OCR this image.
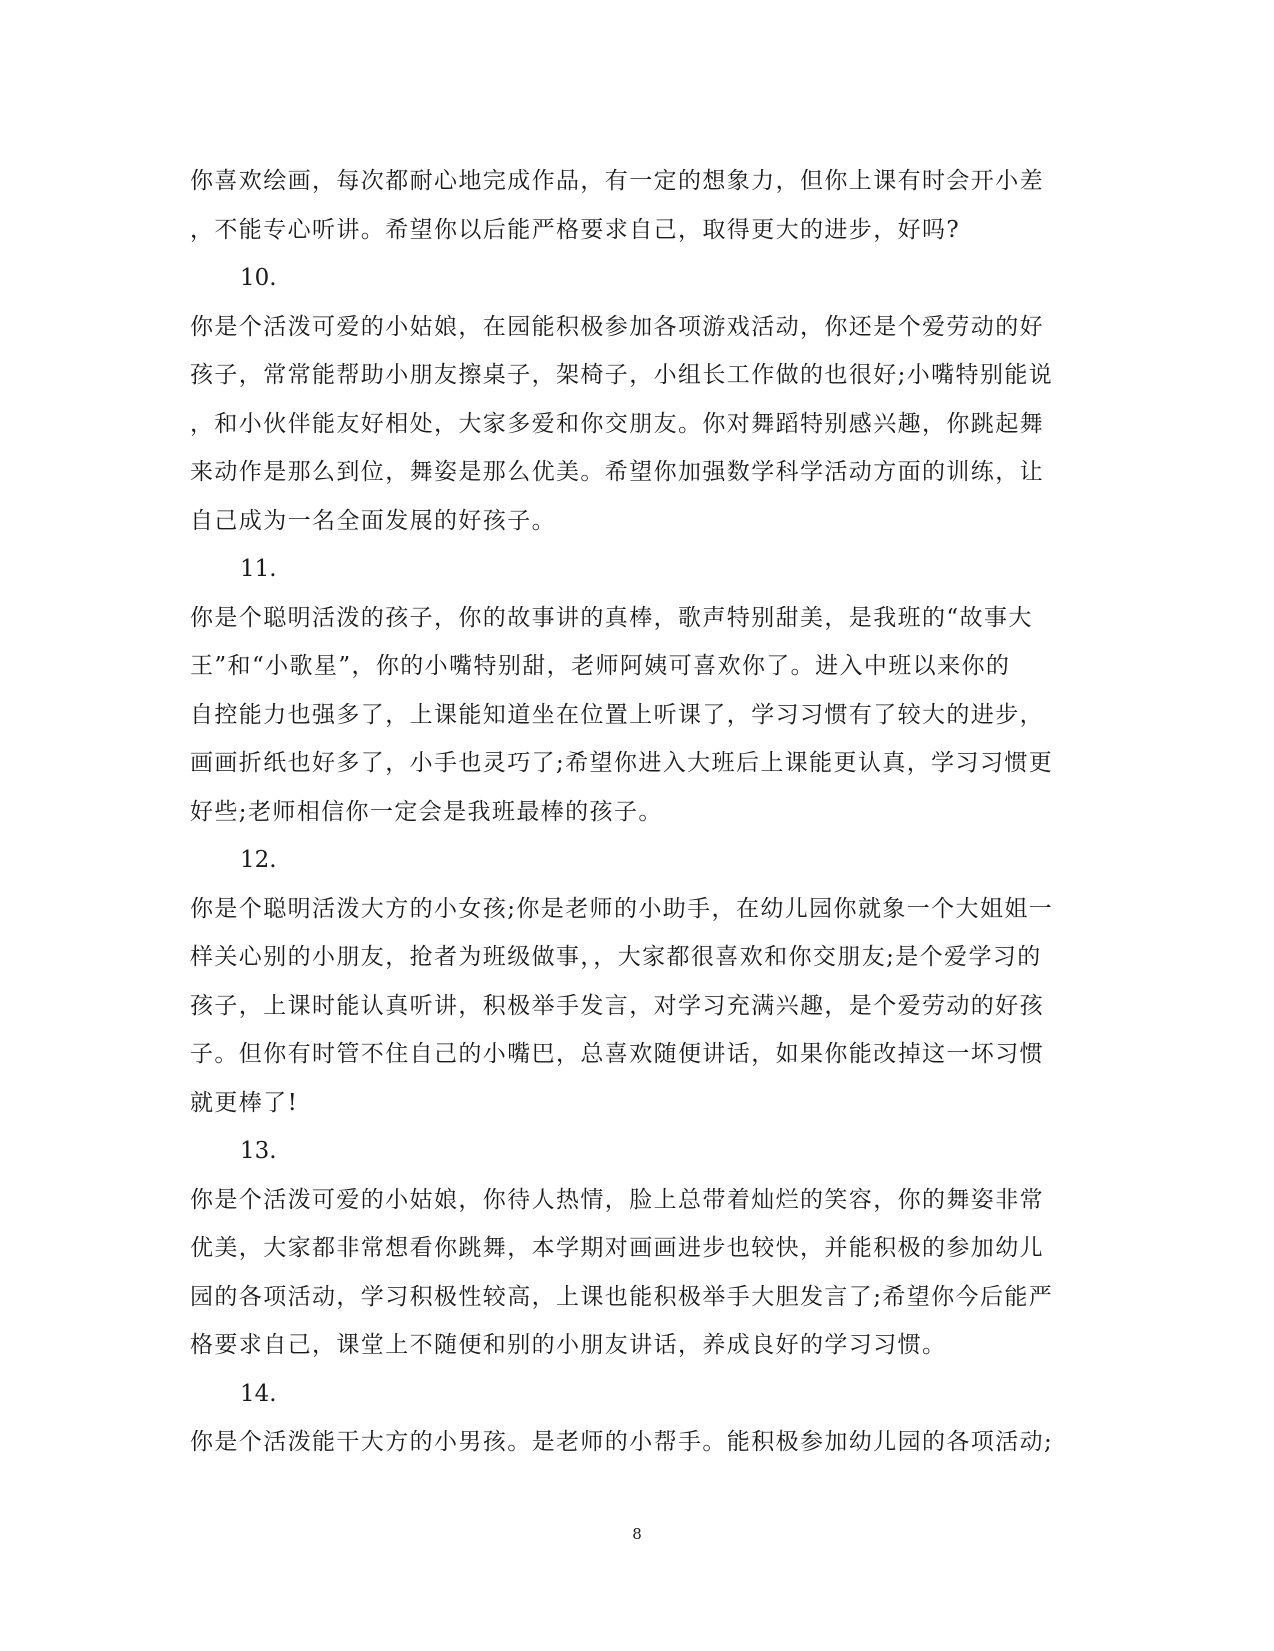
你喜欢绘画，每次都耐心地完成作品，有一定的想象力，但你上课有时会开小差
，不能专心听讲。希望你以后能严格要求自己，取得更大的进步，好吗?
10.
你是个活泼可爱的小姑娘，在园能积极参加各项游戏活动，你还是个爱劳动的好
孩子，常常能帮助小朋友擦桌子，架椅子，小组长工作做的也很好;小嘴特别能说
，和小伙伴能友好相处，大家多爱和你交朋友。你对舞蹈特别感兴趣，你跳起舞
来动作是那么到位，舞姿是那么优美。希望你加强数学科学活动方面的训练，让
自己成为一名全面发展的好孩子。
11.
你是个聪明活泼的孩子，你的故事讲的真棒，歌声特别甜美，是我班的“故事大
王”和“小歌星”，你的小嘴特别甜，老师阿姨可喜欢你了。进入中班以来你的
自控能力也强多了，上课能知道坐在位置上听课了，学习习惯有了较大的进步，
画画折纸也好多了，小手也灵巧了;希望你进入大班后上课能更认真，学习习惯更
好些;老师相信你一定会是我班最棒的孩子。
12.
你是个聪明活泼大方的小女孩;你是老师的小助手，在幼儿园你就象一个大姐姐一
样关心别的小朋友，抢者为班级做事，，大家都很喜欢和你交朋友;是个爱学习的
孩子，上课时能认真听讲，积极举手发言，对学习充满兴趣，是个爱劳动的好孩
子。但你有时管不住自己的小嘴巴，总喜欢随便讲话，如果你能改掉这一坏习惯
就更棒了!
13.
你是个活泼可爱的小姑娘，你待人热情，脸上总带着灿烂的笑容，你的舞姿非常
优美，大家都非常想看你跳舞，本学期对画画进步也较快，并能积极的参加幼儿
园的各项活动，学习积极性较高，上课也能积极举手大胆发言了;希望你今后能严
格要求自己，课堂上不随便和别的小朋友讲话，养成良好的学习习惯。
14.
你是个活泼能干大方的小男孩。是老师的小帮手。能积极参加幼儿园的各项活动;
8
